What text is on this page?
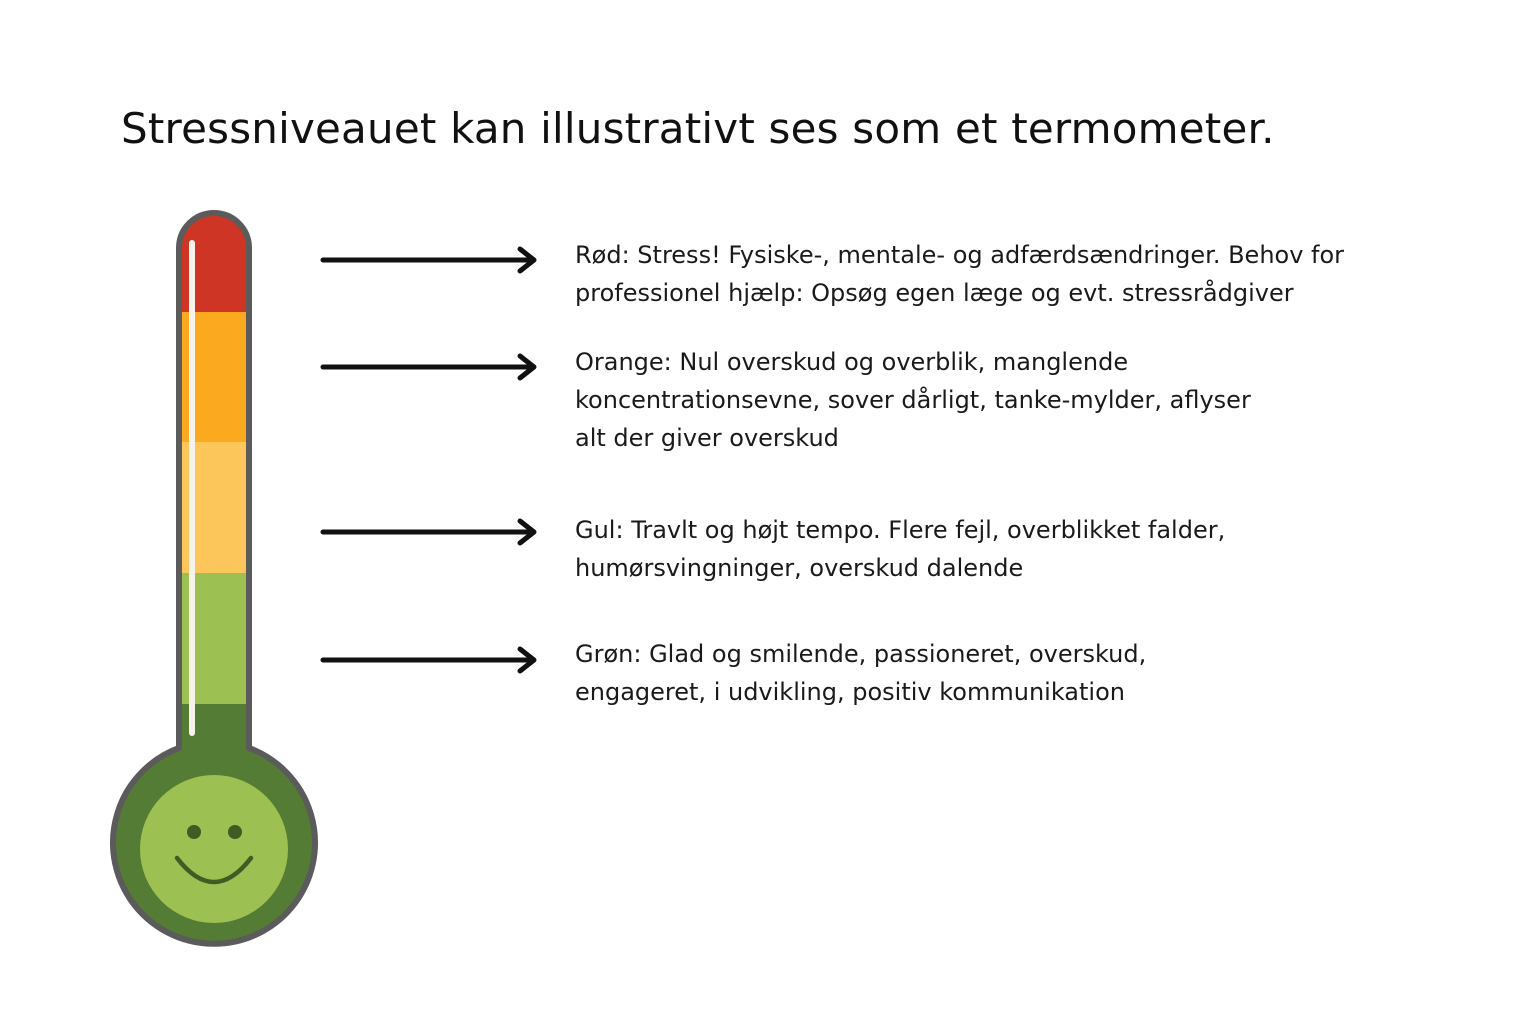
Stressniveauet kan illustrativt ses som et termometer.

Rød: Stress! Fysiske-, mentale- og adfærdsændringer. Behov for
professionel hjælp: Opsøg egen læge og evt. stressrådgiver

Orange: Nul overskud og overblik, manglende
koncentrationsevne, sover dårligt, tanke-mylder, aflyser
alt der giver overskud

Gul: Travlt og højt tempo. Flere fejl, overblikket falder,
humørsvingninger, overskud dalende

Grøn: Glad og smilende, passioneret, overskud,
engageret, i udvikling, positiv kommunikation
